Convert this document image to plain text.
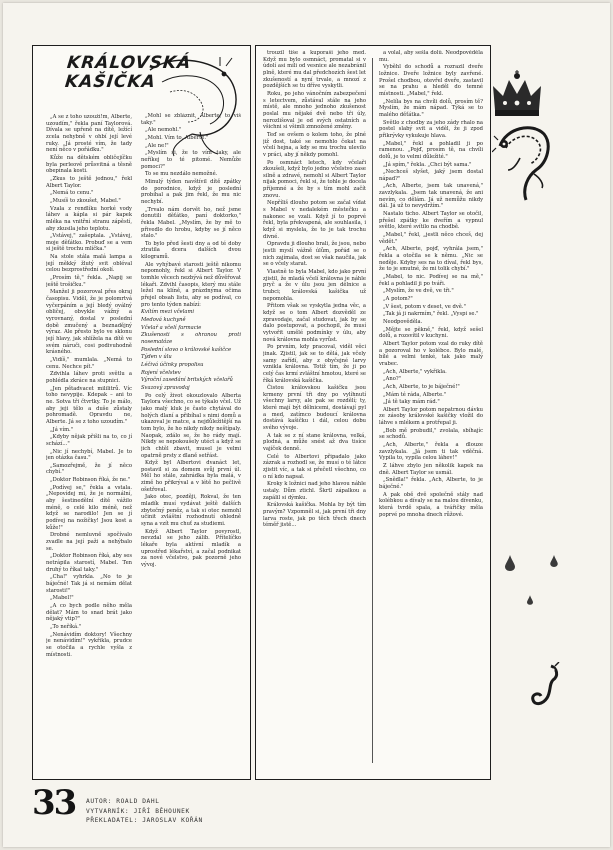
KRÁLOVSKÁ
KAŠIČKA

„A se z toho uzouží!m, Alberte, uzoudím," řekla paní Taylorová. Dívala se upřeně na dítě, ležící zcela nehybně v ohbí její levé ruky. „Já prosté vím, že tady není něco v pořádku."

Kůže na dětském obličejíčku byla perleově průsvitná a těsně obepínala kosti.

„Zkus to ještě jednou," řekl Albert Taylor.

„Nemá to cenu."

„Musíš to zkoušet, Mabel."

Vzala z rendlíku horké vody láhev a kápla si pár kapek mléka na vnitřní stranu zápěstí, aby zkusila jeho teplotu.

„Vstávej," zašeptala. „Vstávej, moje děťátko. Probuď se a vem si ještě trochu mlíčka."

Na stole stála malá lampa a její měkký žlutý svit obléval celou bezprostřední okolí.

„Prosím tě," řekla. „Napij se ještě trošičku."

Manžel ji pozoroval přes okraj časopisu. Viděl, že je polomrtvá vyčerpáním a její bledý oválný obličej, obvykle vážný a vyrovnaný, dostal v poslední době zmučený a beznadějný výraz. Ale přesto bylo ve sklonu její hlavy, jak shlížela na dítě ve svém náruči, cosi podivuhodně krásného.

„Vidíš," mumlala. „Nemá to cenu. Nechce pít."

Zdvihla láhev proti světlu a pohlédla zkráce na stupnici.

„Jen pětadvacet mililitrů. Víc toho nevypije. Kdepak – ani to ne. Sotva tři čtvrtky. To je málo, aby jeji tělo a duše zůstaly pohromadě. Opravdu ne, Alberte. Já se z toho uzoudím."

„Já vím."

„Kdyby nějak přišli na to, co jí schází..."

„Nic jí nechybí, Mabel. Je to jen otázka času."

„Samozřejmě, že jí něco chybí."

„Doktor Robinson říká, že ne."

„Podívej se," řekla a vstala. „Nepovídej mi, že je normální, aby šestinedělní dítě vážilo méně, o celé kilo méně, než když se narodilo! Jen se jí podívej na nožičky! Jsou kost a kůže!"

Drobné nemluvně spočívalo zvadle na její paži a nehýbalo se.

„Doktor Robinson říká, aby ses netrápila starostí, Mabel. Ten druhý to říkal taky."

„Cha!" vyhrkla. „No to je báječné! Tak já si nemám dělat starosti!"

„Mabel!"

„A co bych podle něho měla dělat? Mám to snad brát jako nějaký vtip?"

„To neříká."

„Nenávidím doktory! Všechny je nenávidím!" vykřikla, prudce se otočila a rychle vyšla z místnosti.

„Mohl se zbláznit, Alberte, to víš taky."

„Ale nemohl."

„Mohl. Vím to, Alberte."

„Ale ne!"

„Myslím si, že to vím taky, ale neříkej to té pitomé. Nemůže pomoci?"

To se mu nezdálo nemožné.

Minulý týden navštívil dítě zpátky do porodnice, když je poslední probíhal a pak jim řekl, že mu nic nechybí.

„Trvalo nám dorvět ho, než jsme donutili děťátko, paní doktorko," řekla Mabel. „Myslím, že by mě to přivedlo do hrobu, kdyby se jí něco stalo."

To bylo před šesti dny a od té doby ztratila dcera dalších dvou kilogramů.

Ale vyhýbavé starosti ještě nikomu nepomohly, řekl si Albert Taylor. V tomhle věcech nezbývá než důvěřovat lékaři. Zdvihl časopis, který mu stále ležel na klíně, a prázdnýma očima přejel obsah listu, aby se podíval, co pro tento týden nabízí:

Kvítím mezi včelami

Medová kuchyně

Včelař a včelí farmacie

Zkušenosti s ohranou proti nosematóze

Poslední slovo o královské kašičce

Týden v úlu

Léčivá účinky propolisu

Rojení včelstev

Výroční zasedání britských včelařů

Svazový zpravodaj

Po celý život okouzlovalo Alberta Taylora všechno, co se týkalo včel. Už jako malý kluk je často chytával do holých dlaní a přibíhal s nimi domů a ukazoval je matce, a nejdůležitější na tom bylo, že ho nikdy nikdy neštípaly. Naopak, zdálo se, že ho rády mají. Nikdy se nepokoušely utéct a když se jich chtěl zbavit, musel je velmi opatrně prsty z dlaně setřást.

Když byl Albertovi dvanáct let, postavil si za domem svůj první úl. Měl ho stále, zahrádka byla malá, v zimě ho přikrýval a v létě ho pečlivě ošetřoval.

Jako otec, později, Rokval, že ten mladík musí vydávat ještě dalších zbytečný peněz, a tak si otec nemohl učinit zvláštní rozhodnutí ohledně syna a vzít mu chuť za studiemi.

Když Albert Taylor povyrostl, nevzdal se jeho zálib. Přítelíčko lékaře byla aktívní mladík a uprostřed lékařství, a začal podnikat za nové včelstvo, pak pozorně jeho vývoj.

trouzil tiše a kuporaši jeho med. Když mu bylo osmnáct, promatal si v údolí asi míli od vesnice ale nezabránil plně, které mu dal předchozích šest let zkušeností a nyní trvale, a mnozí z pozdějších se tu dříve vyskytli.

Roku, po jeho vánočním zabezpečení s letectvem, zůstával stále na jeho místě, ale mnoho jednoho zkušenost poslal mu nějaké dvě nebo tři úly, nerozlišoval je od svých ostatních a všichni si všimli zmnožené změny.

Teď se ovšem o kolem toho, že plné již dost, také se nemohlo čekat na včelí hejna, a kdy se mu trochu ulevilo v práci, aby jí někdy pomohl.

Po osmnáct letech, kdy včelaři zkoušeli, když bylo jedno včelstvo zase silně a zdravé, nemohl si Albert Taylor nijak pomoci, řekl si, že tohle je docela příjemné a že by s tím mohl začít znovu.

Nepříliš dlouho potom se začal vídat s Mabel v nedalekém městečku a nakonec se vzali. Když jí to poprvé řekl, byla překvapená, ale souhlasila, i když si myslela, že to je tak trochu divné.

Opravdu ji dlouho brali, že jsou, nebo jestli myslí vážně úlům, pořád se o nich zajímala, dost se však naučila, jak se o včely starat.

Vlastně to byla Mabel, kdo jako první zjistil, že mladá včelí královna je náhle pryč a že v úlu jsou jen dělnice a trubci; královská kašička už nepomohla.

Přitom však se vyskytla jedna věc, a když se o tom Albert dozvěděl ze zpravodaje, začal studovat, jak by se dalo postupovat, a pochopil, že musí vytvořit umělé podmínky v úlu, aby nová královna mohla vyrůst.

Po prvním, kdy pracoval, viděl věci jinak. Zjistil, jak se to dělá, jak včely samy zařídí, aby z obyčejné larvy vznikla královna. Totiž tím, že ji po celý čas krmí zvláštní hmotou, které se říká královská kašička.

Čistou královskou kašičku jsou krmeny první tři dny po vylíhnutí všechny larvy, ale pak se rozdělí; ty, které mají být dělnicemi, dostávají pyl a med, zatímco budoucí královna dostává kašičku i dál, celou dobu svého vývoje.

A tak se z ní stane královna, velká, plodná, a může snést až dva tisíce vajíček denně.

Celé to Albertovi připadalo jako zázrak a rozhodl se, že musí o té látce zjistit víc, a tak si přečetl všechno, co o ní kdo napsal.

Kroky k ložnici nad jeho hlavou náhle ustaly. Dům ztichl. Škrtl zápalkou a zapálil si dýmku.

Královská kašička. Mohla by být tím pravým? Vzpomněl si, jak první tři dny larva roste, jak po těch třech dnech téměř jistě...

a volal, aby sešla dolů. Neodpověděla mu.

Vyběhl do schodů a rozrazil dveře ložnice. Dveře ložnice byly zavřené. Prošel chodbou, otevřel dveře, zastavil se na prahu a hleděl do temné místnosti. „Mabel," řekl.

„Nelíla bys na chvíli dolů, prosím tě? Myslím, že mám nápad. Týká se to malého děťátka."

Světlo z chodby za jeho zády rhalo na postel slabý svit a viděl, že ji zpod přikrývky vykukuje hlava.

„Mabel," řekl a pohladil ji po ramenou. „Pojď, prosím tě, na chvíli dolů, je to velmi důležité."

„Já spím," řekla. „Chci být sama."

„Nechceš slyšet, jaký jsem dostal nápad?"

„Ach, Alberte, jsem tak unavená," zavzlykala. „Jsem tak unavená, že ani nevím, co dělám. Já už nemůžu nikdy dál. Já už to nevydržím."

Nastalo ticho. Albert Taylor se otočil, přešel zpátky ke dveřím a vypnul světlo, které svítilo na chodbě.

„Mabel," řekl, „jestli něco chceš, dej vědět."

„Ach, Alberte, pojď, vyhrála jsem," řekla a otočila se k němu. „Nic se neděje. Kdyby ses na to díval, řekl bys, že to je smutné, že mi tolik chybí."

„Mabel, to nic. Podívej se na mě," řekl a pohladil ji po tváři.

„Myslím, že ve dvě, ve tři."

„A potom?"

„V šest, potom v deset, ve dvě."

„Tak já ji nakrmím," řekl. „Vyspi se."

Neodpověděla.

„Mějte se pěkně," řekl, když sešel dolů, a rozsvítil v kuchyni.

Albert Taylor potom vzal do ruky dítě a pozoroval ho v kolébce. Bylo malé, bílé a velmi tenké, tak jako malý vrabec.

„Ach, Alberte," vykřikla.

„Ano?"

„Ach, Alberte, to je báječné!"

„Mám té ráda, Alberte."

„Já tě taky mám rád."

Albert Taylor potom nepatrnou dávku ze zásoby královské kašičky vložil do láhve s mlékem a protřepal ji.

„Bob mě probudil," zvolala, sbíhajíc se schodů.

„Ach, Alberte," řekla a dlouze zavzlykala. „Já jsem ti tak vděčná. Vypila to, vypila celou láhev!"

Z láhve zbylo jen několik kapek na dně. Albert Taylor se usmál.

„Snědla!" řekla. „Ach, Alberte, to je báječné."

A pak obě dvě společně stály nad kolébkou a dívaly se na malou dívenku, která tvrdě spala, a tvářičky měla poprvé po mnoha dnech růžové.

33 AUTOR: ROALD DAHL
VYTVARNÍK: JIŘÍ BĚHOUNEK
PŘEKLADATEL: JAROSLAV KOŘÁN
